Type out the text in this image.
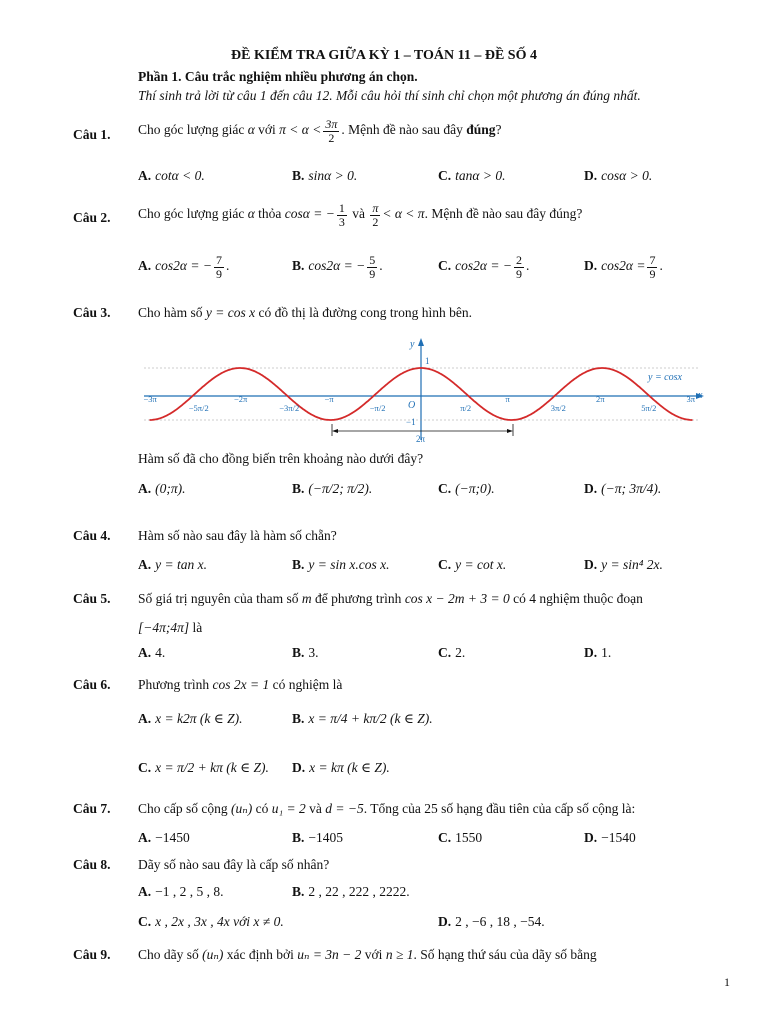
ĐỀ KIỂM TRA GIỮA KỲ 1 – TOÁN 11 – ĐỀ SỐ 4
Phần 1. Câu trắc nghiệm nhiều phương án chọn.
Thí sinh trả lời từ câu 1 đến câu 12. Mỗi câu hỏi thí sinh chỉ chọn một phương án đúng nhất.
Câu 1. Cho góc lượng giác α với $\pi < \alpha < \frac{3\pi}{2}$ . Mệnh đề nào sau đây đúng?
A. cotα < 0.	B. sinα > 0.	C. tanα > 0.	D. cosα > 0.
Câu 2. Cho góc lượng giác α thỏa cosα = − $\frac{1}{3}$ và $\frac{\pi}{2} < \alpha < \pi$. Mệnh đề nào sau đây đúng?
A. cos2α = − $\frac{7}{9}$ .	B. cos2α = − $\frac{5}{9}$ .	C. cos2α = − $\frac{2}{9}$ .	D. $\cos 2\alpha = \frac{7}{9}$ .
Câu 3. Cho hàm số y = cos x có đồ thị là đường cong trong hình bên.
−3π
−5π/2
−2π
−3π/2
−π
−π/2	π/2
π
3π/2
2π
5π/2
3π
y
x
O
1
−1
y = cosx
2π
Hàm số đã cho đồng biến trên khoảng nào dưới đây?
A. (0;π).	B. (−π/2; π/2).	C. (−π;0).	D. (−π; 3π/4).
Câu 4. Hàm số nào sau đây là hàm số chẵn?
A. y = tan x.	B. y = sin x.cos x.	C. y = cot x.	D. y = sin⁴ 2x.
Câu 5. Số giá trị nguyên của tham số m để phương trình cos x − 2m + 3 = 0 có 4 nghiệm thuộc đoạn
[−4π;4π] là
A. 4.	B. 3.	C. 2.	D. 1.
Câu 6. Phương trình cos 2x = 1 có nghiệm là
A. x = k2π (k ∈ Z).	B. x = π/4 + kπ/2 (k ∈ Z).
C. x = π/2 + kπ (k ∈ Z). D. x = kπ (k ∈ Z).
Câu 7. Cho cấp số cộng (uₙ) có u₁ = 2 và d = −5. Tổng của 25 số hạng đầu tiên của cấp số cộng là:
A. −1450	B. −1405	C. 1550	D. −1540
Câu 8. Dãy số nào sau đây là cấp số nhân?
A. −1 , 2 , 5 , 8.	B. 2 , 22 , 222 , 2222.
C. x , 2x , 3x , 4x với x ≠ 0.	D. 2 , −6 , 18 , −54.
Câu 9. Cho dãy số (uₙ) xác định bởi uₙ = 3n − 2 với n ≥ 1. Số hạng thứ sáu của dãy số bằng
1
